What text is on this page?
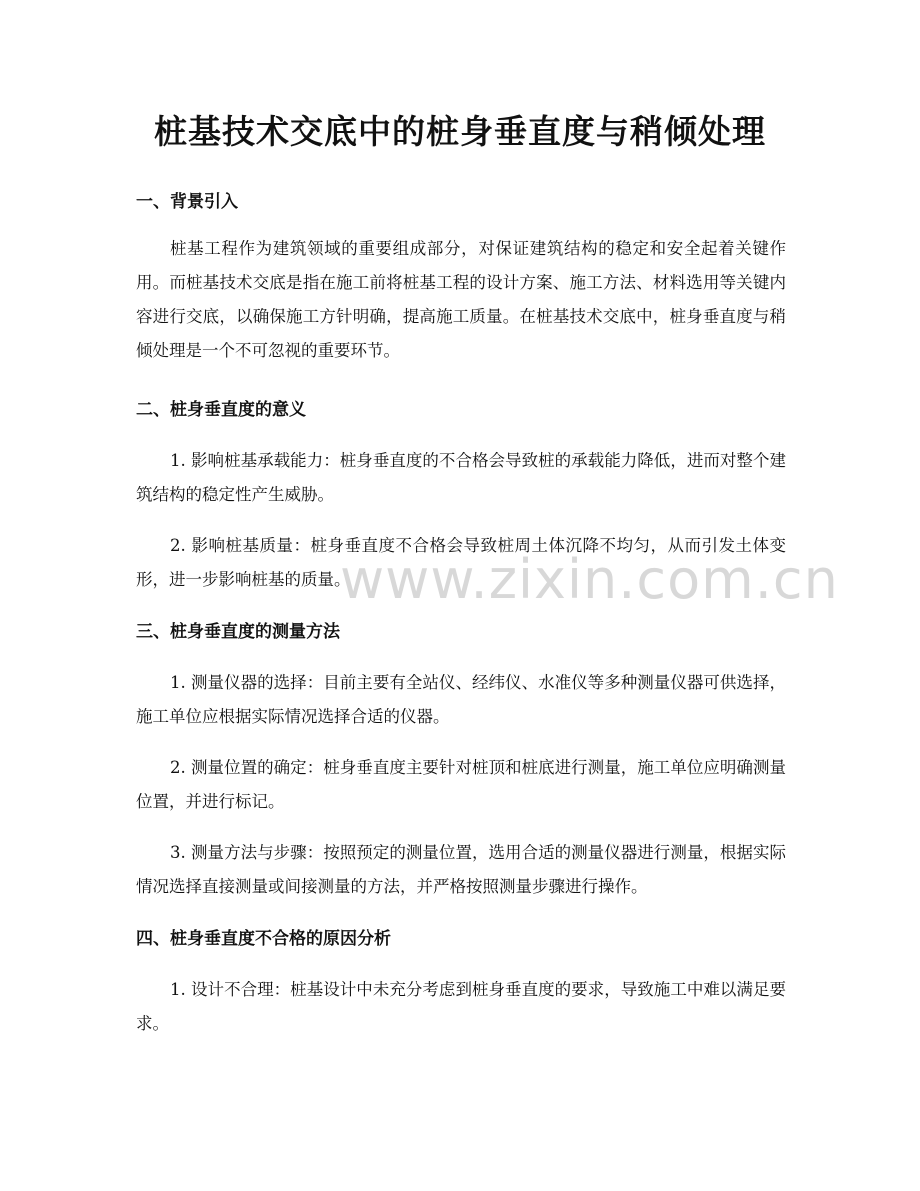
桩基技术交底中的桩身垂直度与稍倾处理
一、背景引入

桩基工程作为建筑领域的重要组成部分，对保证建筑结构的稳定和安全起着关键作用。而桩基技术交底是指在施工前将桩基工程的设计方案、施工方法、材料选用等关键内容进行交底，以确保施工方针明确，提高施工质量。在桩基技术交底中，桩身垂直度与稍倾处理是一个不可忽视的重要环节。

二、桩身垂直度的意义

1. 影响桩基承载能力：桩身垂直度的不合格会导致桩的承载能力降低，进而对整个建筑结构的稳定性产生威胁。

2. 影响桩基质量：桩身垂直度不合格会导致桩周土体沉降不均匀，从而引发土体变形，进一步影响桩基的质量。

三、桩身垂直度的测量方法

1. 测量仪器的选择：目前主要有全站仪、经纬仪、水准仪等多种测量仪器可供选择，施工单位应根据实际情况选择合适的仪器。

2. 测量位置的确定：桩身垂直度主要针对桩顶和桩底进行测量，施工单位应明确测量位置，并进行标记。

3. 测量方法与步骤：按照预定的测量位置，选用合适的测量仪器进行测量，根据实际情况选择直接测量或间接测量的方法，并严格按照测量步骤进行操作。

四、桩身垂直度不合格的原因分析

1. 设计不合理：桩基设计中未充分考虑到桩身垂直度的要求，导致施工中难以满足要求。

www.zixin.com.cn
